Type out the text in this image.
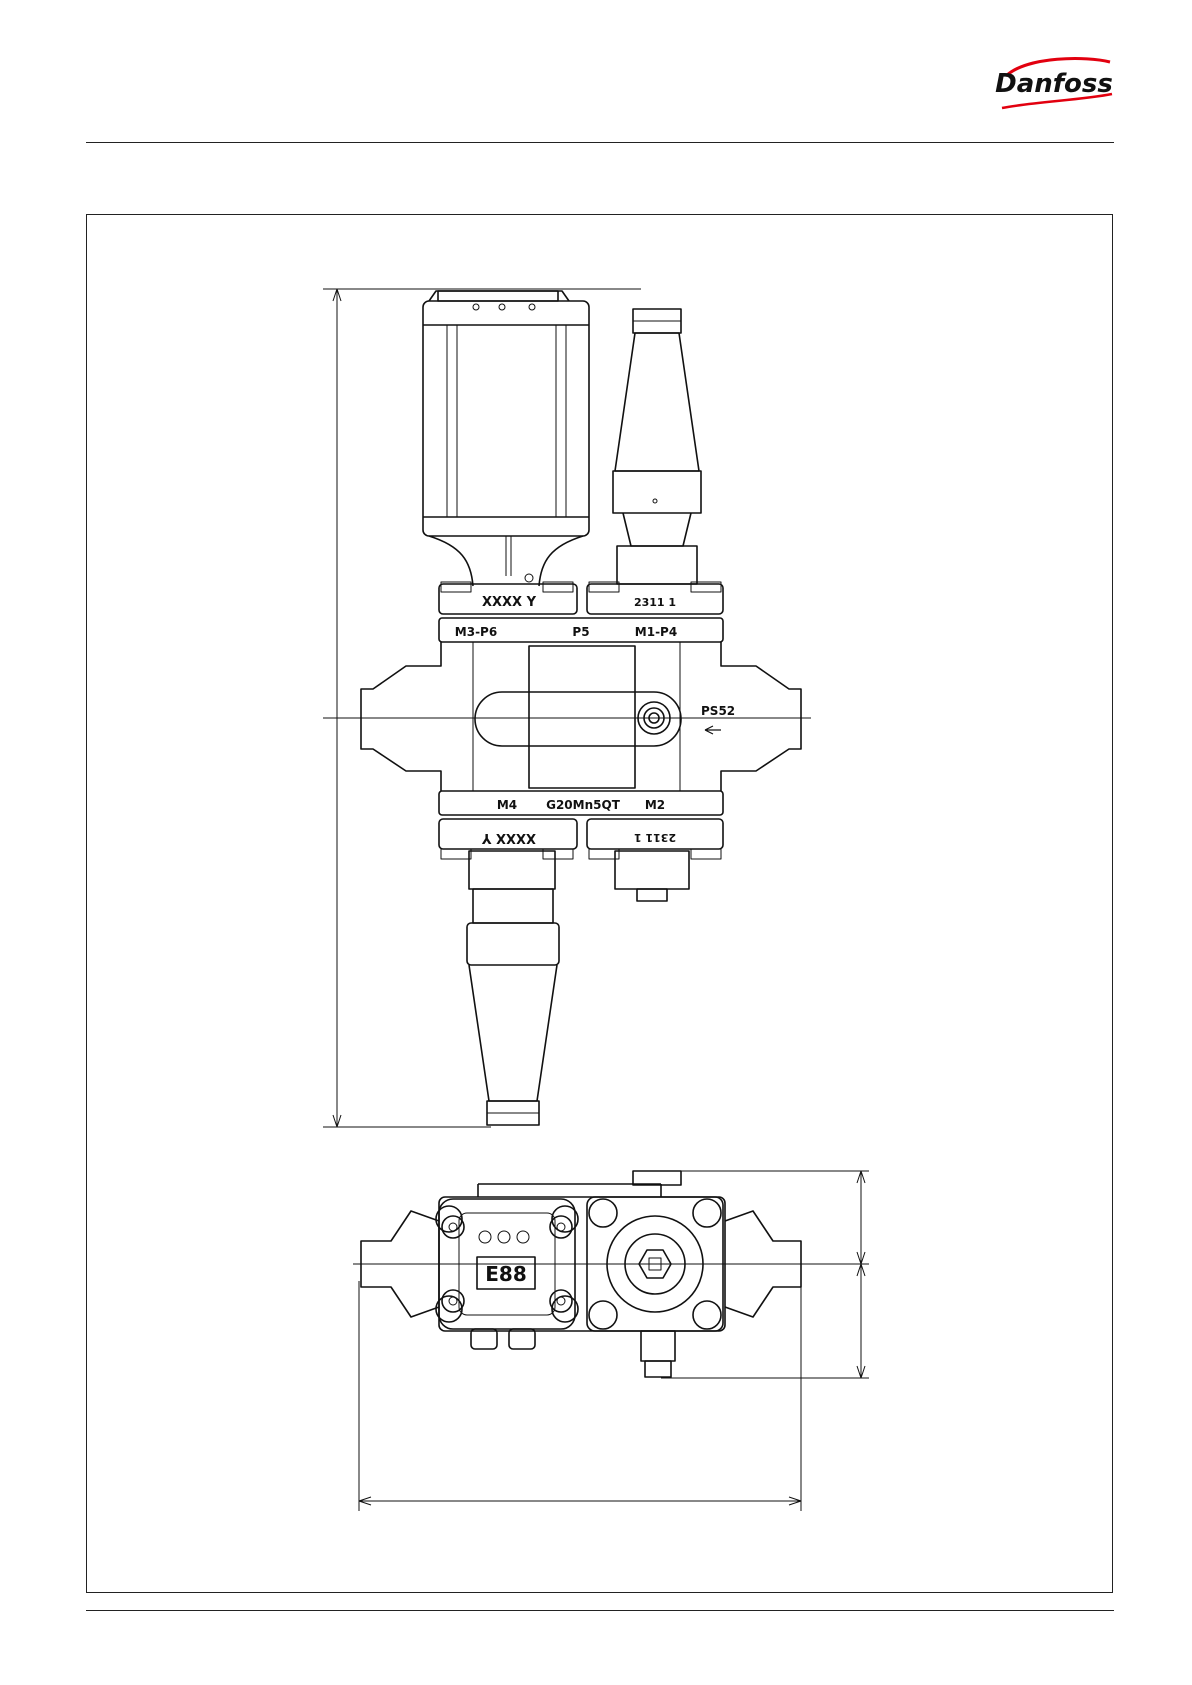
Danfoss
XXXX Y	2311 1
M3-P6	P5	M1-P4
PS52
M4 G20Mn5QT M2
XXXX Y	2311 1
E88
